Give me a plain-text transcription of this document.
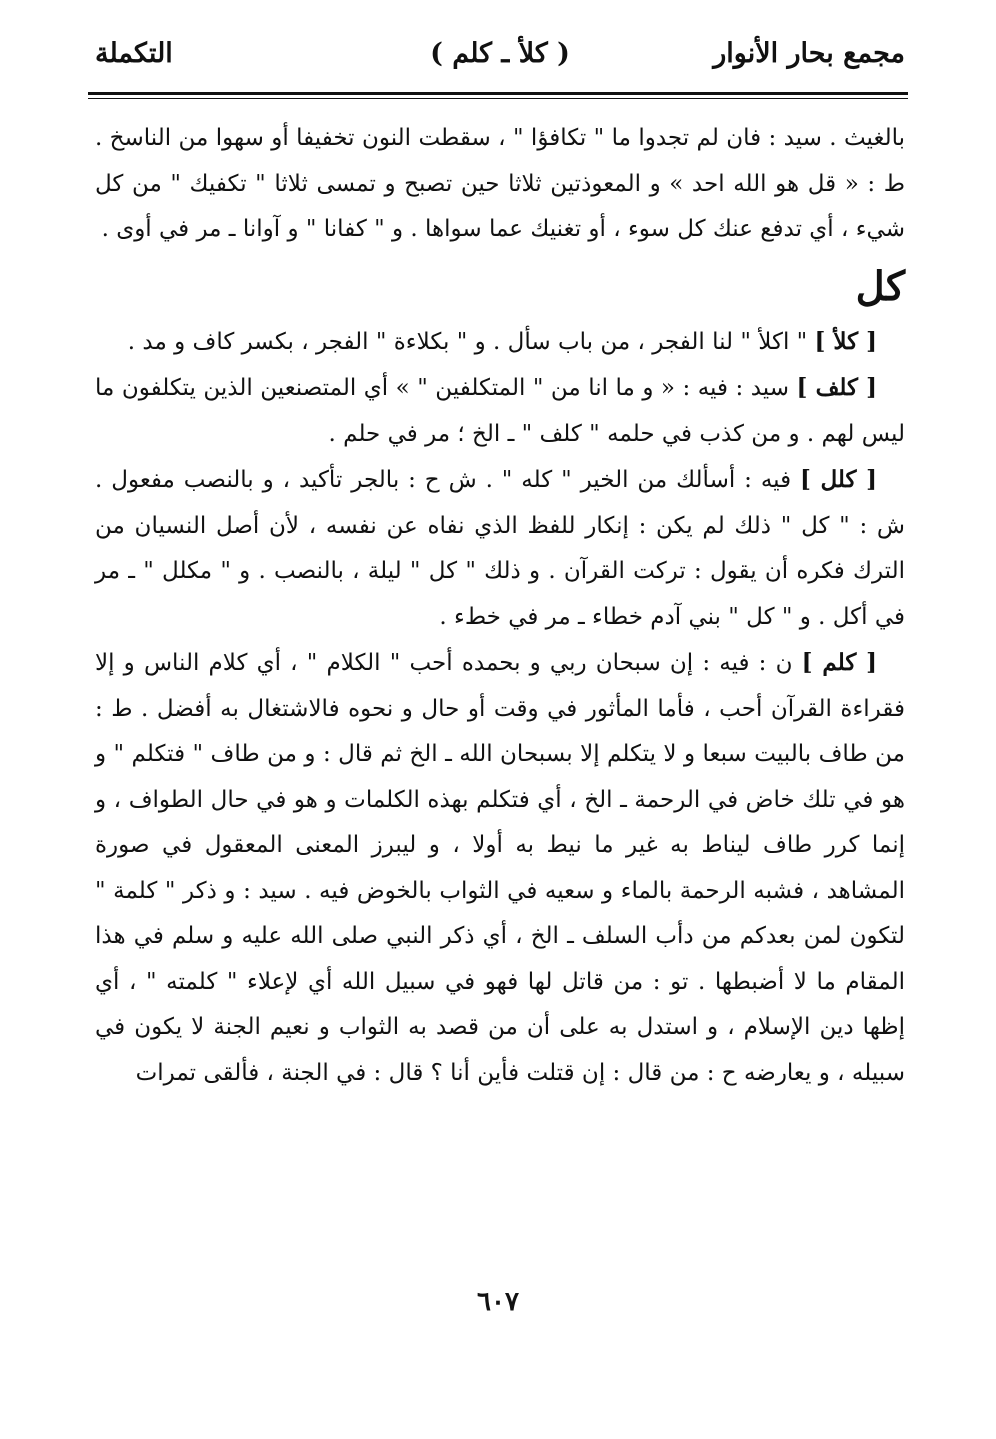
مجمع بحار الأنوار
( كلأ ـ كلم )
التكملة

بالغيث . سيد : فان لم تجدوا ما " تكافؤا " ، سقطت النون تخفيفا أو سهوا من الناسخ . ط : « قل هو الله احد » و المعوذتين ثلاثا حين تصبح و تمسى ثلاثا " تكفيك " من كل شيء ، أي تدفع عنك كل سوء ، أو تغنيك عما سواها . و " كفانا " و آوانا ـ مر في أوى .

كل

[ كلأ ] " اكلأ " لنا الفجر ، من باب سأل . و " بكلاءة " الفجر ، بكسر كاف و مد .

[ كلف ] سيد : فيه : « و ما انا من " المتكلفين " » أي المتصنعين الذين يتكلفون ما ليس لهم . و من كذب في حلمه " كلف " ـ الخ ؛ مر في حلم .

[ كلل ] فيه : أسألك من الخير " كله " . ش ح : بالجر تأكيد ، و بالنصب مفعول . ش : " كل " ذلك لم يكن : إنكار للفظ الذي نفاه عن نفسه ، لأن أصل النسيان من الترك فكره أن يقول : تركت القرآن . و ذلك " كل " ليلة ، بالنصب . و " مكلل " ـ مر في أكل . و " كل " بني آدم خطاء ـ مر في خطء .

[ كلم ] ن : فيه : إن سبحان ربي و بحمده أحب " الكلام " ، أي كلام الناس و إلا فقراءة القرآن أحب ، فأما المأثور في وقت أو حال و نحوه فالاشتغال به أفضل . ط : من طاف بالبيت سبعا و لا يتكلم إلا بسبحان الله ـ الخ ثم قال : و من طاف " فتكلم " و هو في تلك خاض في الرحمة ـ الخ ، أي فتكلم بهذه الكلمات و هو في حال الطواف ، و إنما كرر طاف ليناط به غير ما نيط به أولا ، و ليبرز المعنى المعقول في صورة المشاهد ، فشبه الرحمة بالماء و سعيه في الثواب بالخوض فيه . سيد : و ذكر " كلمة " لتكون لمن بعدكم من دأب السلف ـ الخ ، أي ذكر النبي صلى الله عليه و سلم في هذا المقام ما لا أضبطها . تو : من قاتل لها فهو في سبيل الله أي لإعلاء " كلمته " ، أي إظها دين الإسلام ، و استدل به على أن من قصد به الثواب و نعيم الجنة لا يكون في سبيله ، و يعارضه ح : من قال : إن قتلت فأين أنا ؟ قال : في الجنة ، فألقى تمرات

٦٠٧
